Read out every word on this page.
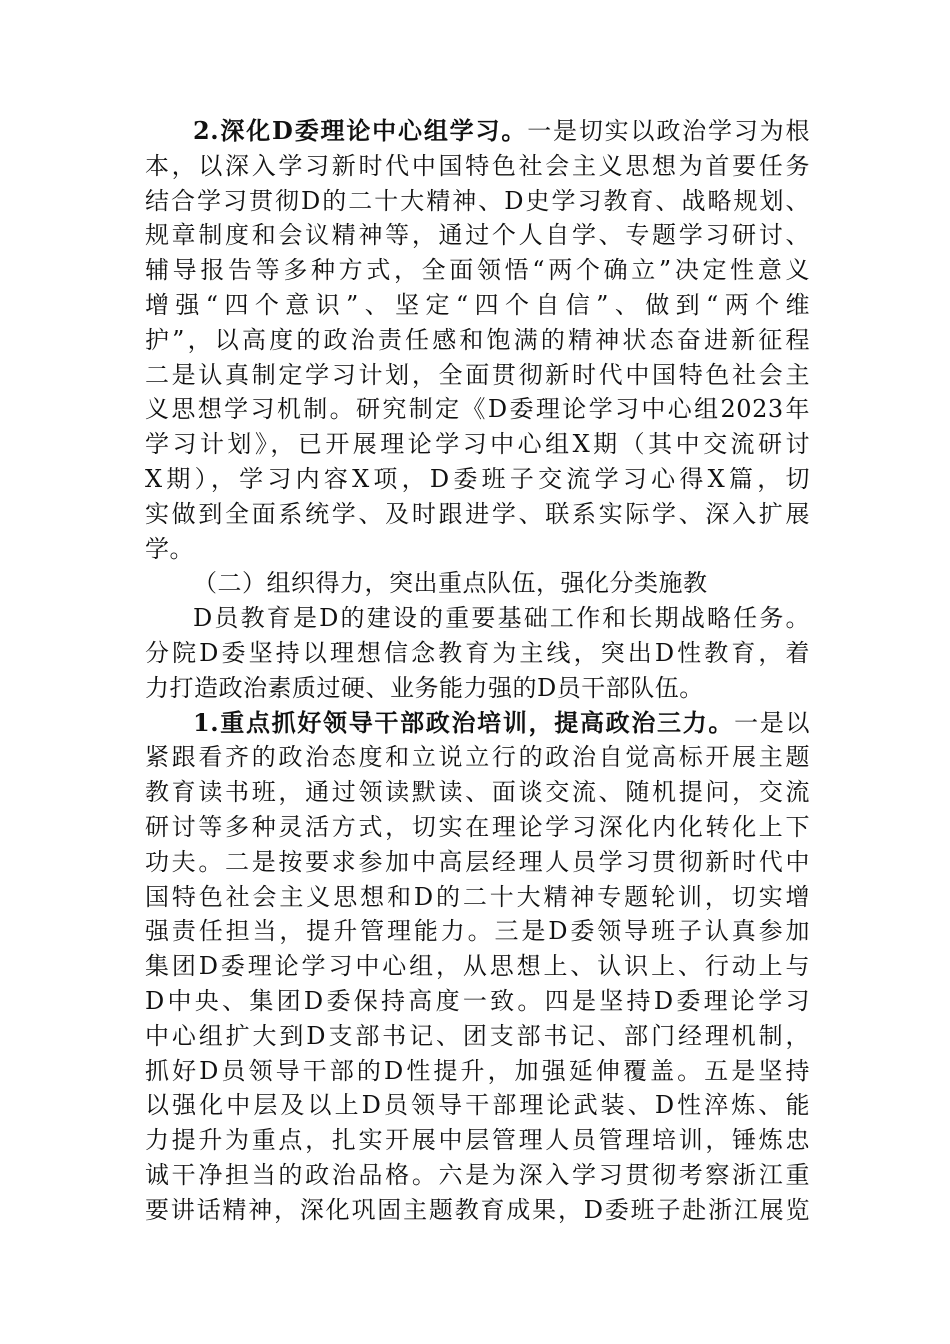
2.深化D委理论中心组学习。一是切实以政治学习为根
本，以深入学习新时代中国特色社会主义思想为首要任务
结合学习贯彻D的二十大精神、D史学习教育、战略规划、
规章制度和会议精神等，通过个人自学、专题学习研讨、
辅导报告等多种方式，全面领悟“两个确立”决定性意义
增强“四个意识”、坚定“四个自信”、做到“两个维
护”，以高度的政治责任感和饱满的精神状态奋进新征程
二是认真制定学习计划，全面贯彻新时代中国特色社会主
义思想学习机制。研究制定《D委理论学习中心组2023年
学习计划》，已开展理论学习中心组X期（其中交流研讨
X期），学习内容X项，D委班子交流学习心得X篇，切
实做到全面系统学、及时跟进学、联系实际学、深入扩展
学。
（二）组织得力，突出重点队伍，强化分类施教
D员教育是D的建设的重要基础工作和长期战略任务。
分院D委坚持以理想信念教育为主线，突出D性教育，着
力打造政治素质过硬、业务能力强的D员干部队伍。
1.重点抓好领导干部政治培训，提高政治三力。一是以
紧跟看齐的政治态度和立说立行的政治自觉高标开展主题
教育读书班，通过领读默读、面谈交流、随机提问，交流
研讨等多种灵活方式，切实在理论学习深化内化转化上下
功夫。二是按要求参加中高层经理人员学习贯彻新时代中
国特色社会主义思想和D的二十大精神专题轮训，切实增
强责任担当，提升管理能力。三是D委领导班子认真参加
集团D委理论学习中心组，从思想上、认识上、行动上与
D中央、集团D委保持高度一致。四是坚持D委理论学习
中心组扩大到D支部书记、团支部书记、部门经理机制，
抓好D员领导干部的D性提升，加强延伸覆盖。五是坚持
以强化中层及以上D员领导干部理论武装、D性淬炼、能
力提升为重点，扎实开展中层管理人员管理培训，锤炼忠
诚干净担当的政治品格。六是为深入学习贯彻考察浙江重
要讲话精神，深化巩固主题教育成果，D委班子赴浙江展览
